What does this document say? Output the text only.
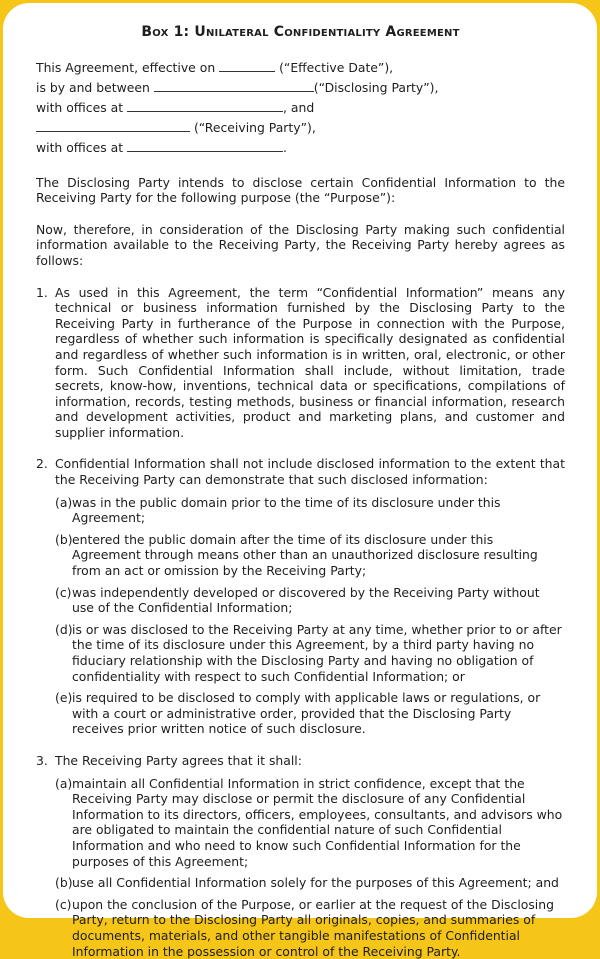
Box 1: Unilateral Confidentiality Agreement

This Agreement, effective on	(“Effective Date”),

is by and between	(“Disclosing Party”),

with offices at	, and

(“Receiving Party”),

with offices at	.

The Disclosing Party intends to disclose certain Confidential Information to the Receiving Party for the following purpose (the “Purpose”):

Now, therefore, in consideration of the Disclosing Party making such confidential information available to the Receiving Party, the Receiving Party hereby agrees as follows:

1. As used in this Agreement, the term “Confidential Information” means any technical or business information furnished by the Disclosing Party to the Receiving Party in furtherance of the Purpose in connection with the Purpose, regardless of whether such information is specifically designated as confidential and regardless of whether such information is in written, oral, electronic, or other form. Such Confidential Information shall include, without limitation, trade secrets, know-how, inventions, technical data or specifications, compilations of information, records, testing methods, business or financial information, research and development activities, product and marketing plans, and customer and supplier information.
2. Confidential Information shall not include disclosed information to the extent that the Receiving Party can demonstrate that such disclosed information:
(a) was in the public domain prior to the time of its disclosure under this Agreement;
(b) entered the public domain after the time of its disclosure under this Agreement through means other than an unauthorized disclosure resulting from an act or omission by the Receiving Party;
(c) was independently developed or discovered by the Receiving Party without use of the Confidential Information;
(d) is or was disclosed to the Receiving Party at any time, whether prior to or after the time of its disclosure under this Agreement, by a third party having no fiduciary relationship with the Disclosing Party and having no obligation of confidentiality with respect to such Confidential Information; or
(e) is required to be disclosed to comply with applicable laws or regulations, or with a court or administrative order, provided that the Disclosing Party receives prior written notice of such disclosure.
3. The Receiving Party agrees that it shall:
(a) maintain all Confidential Information in strict confidence, except that the Receiving Party may disclose or permit the disclosure of any Confidential Information to its directors, officers, employees, consultants, and advisors who are obligated to maintain the confidential nature of such Confidential Information and who need to know such Confidential Information for the purposes of this Agreement;
(b) use all Confidential Information solely for the purposes of this Agreement; and
(c) upon the conclusion of the Purpose, or earlier at the request of the Disclosing Party, return to the Disclosing Party all originals, copies, and summaries of documents, materials, and other tangible manifestations of Confidential Information in the possession or control of the Receiving Party.
